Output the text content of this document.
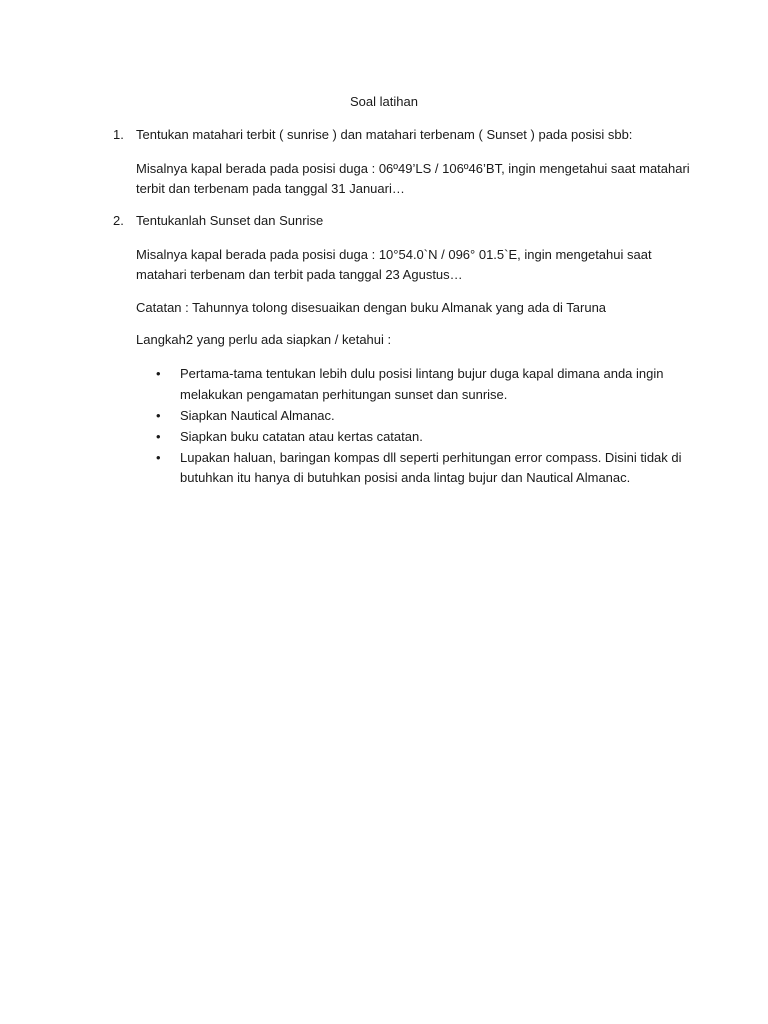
Soal latihan
1. Tentukan matahari terbit ( sunrise ) dan matahari terbenam ( Sunset ) pada posisi sbb:
Misalnya kapal berada pada posisi duga : 06º49’LS / 106º46’BT, ingin mengetahui saat matahari terbit dan terbenam pada tanggal 31 Januari…
2. Tentukanlah Sunset dan Sunrise
Misalnya kapal berada pada posisi duga : 10°54.0`N / 096° 01.5`E, ingin mengetahui saat matahari terbenam dan terbit pada tanggal 23 Agustus…
Catatan : Tahunnya tolong disesuaikan dengan buku Almanak yang ada di Taruna
Langkah2 yang perlu ada siapkan / ketahui :
• Pertama-tama tentukan lebih dulu posisi lintang bujur duga kapal dimana anda ingin melakukan pengamatan perhitungan sunset dan sunrise.
• Siapkan Nautical Almanac.
• Siapkan buku catatan atau kertas catatan.
• Lupakan haluan, baringan kompas dll seperti perhitungan error compass. Disini tidak di butuhkan itu hanya di butuhkan posisi anda lintag bujur dan Nautical Almanac.
